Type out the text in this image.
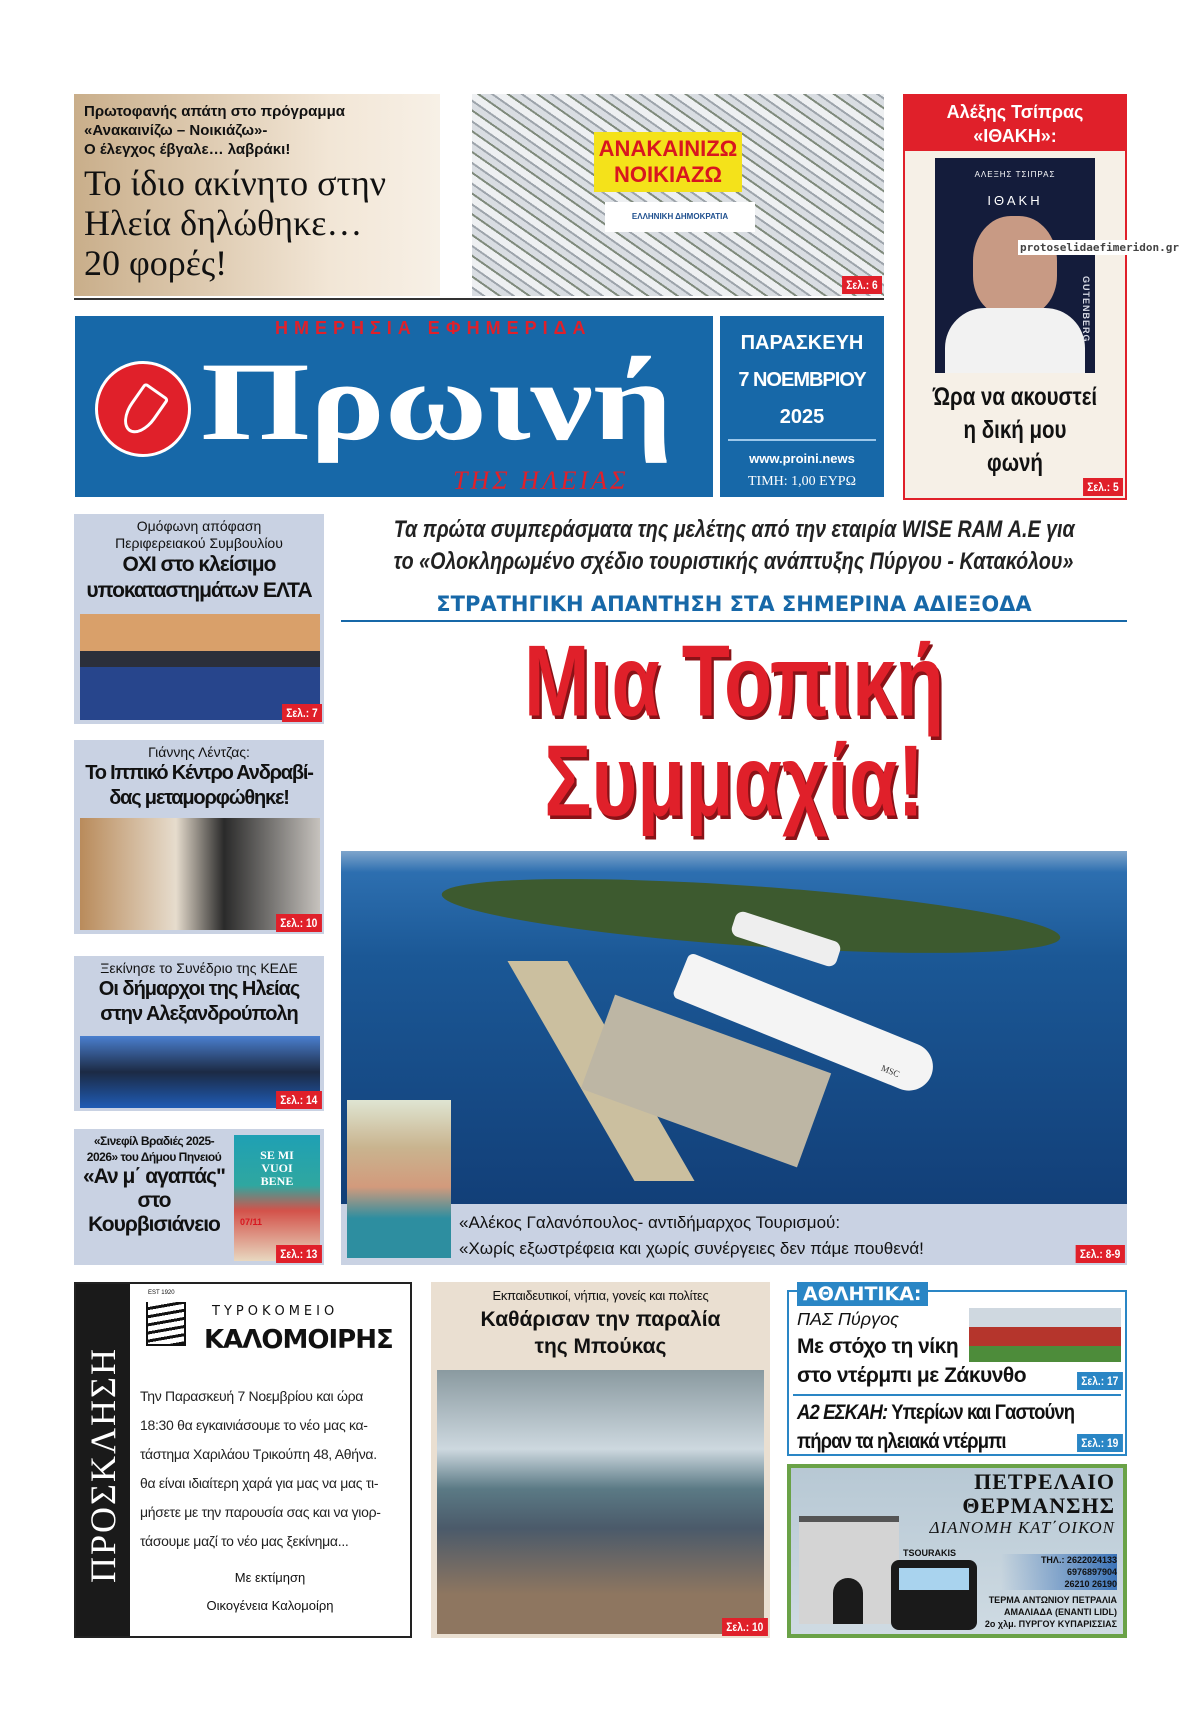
Πρωτοφανής απάτη στο πρόγραμμα
«Ανακαινίζω – Νοικιάζω»-
Ο έλεγχος έβγαλε… λαβράκι!
Το ίδιο ακίνητο στην
Ηλεία δηλώθηκε…
20 φορές!
ΑΝΑΚΑΙΝΙΖΩ
ΝΟΙΚΙΑΖΩ
ΕΛΛΗΝΙΚΗ ΔΗΜΟΚΡΑΤΙΑ
Σελ.: 6
Αλέξης Τσίπρας
«ΙΘΑΚΗ»:
ΑΛΕΞΗΣ ΤΣΙΠΡΑΣ
ΙΘΑΚΗ
GUTENBERG
Ώρα να ακουστεί
η δική μου
φωνή
Σελ.: 5
protoselidaefimeridon.gr
ΗΜΕΡΗΣΙΑ ΕΦΗΜΕΡΙΔΑ
Πρωινή
ΤΗΣ ΗΛΕΙΑΣ
ΠΑΡΑΣΚΕΥΗ
7 ΝΟΕΜΒΡΙΟΥ
2025
www.proini.news
ΤΙΜΗ: 1,00 ΕΥΡΩ
Ομόφωνη απόφαση
Περιφερειακού Συμβουλίου
ΟΧΙ στο κλείσιμο
υποκαταστημάτων ΕΛΤΑ
Σελ.: 7
Γιάννης Λέντζας:
Το Ιππικό Κέντρο Ανδραβί-
δας μεταμορφώθηκε!
Σελ.: 10
Ξεκίνησε το Συνέδριο της ΚΕΔΕ
Οι δήμαρχοι της Ηλείας
στην Αλεξανδρούπολη
Σελ.: 14
«Σινεφίλ Βραδιές 2025-
2026» του Δήμου Πηνειού
«Αν μ΄ αγαπάς"
στο
Κουρβισιάνειο
SE MI VUOI BENE
07/11
Σελ.: 13
Τα πρώτα συμπεράσματα της μελέτης από την εταιρία WISE RAM Α.Ε για
το «Ολοκληρωμένο σχέδιο τουριστικής ανάπτυξης Πύργου - Κατακόλου»
ΣΤΡΑΤΗΓΙΚΗ ΑΠΑΝΤΗΣΗ ΣΤΑ ΣΗΜΕΡΙΝΑ ΑΔΙΕΞΟΔΑ
Μια Τοπική
Συμμαχία!
MSC
«Αλέκος Γαλανόπουλος- αντιδήμαρχος Τουρισμού:
«Χωρίς εξωστρέφεια και χωρίς συνέργειες δεν πάμε πουθενά!	Σελ.: 8-9
ΠΡΟΣΚΛΗΣΗ
EST 1920
ΤΥΡΟΚΟΜΕΙΟ
ΚΑΛΟΜΟΙΡΗΣ
Την Παρασκευή 7 Νοεμβρίου και ώρα
18:30 θα εγκαινιάσουμε το νέο μας κα-
τάστημα Χαριλάου Τρικούπη 48, Αθήνα.
θα είναι ιδιαίτερη χαρά για μας να μας τι-
μήσετε με την παρουσία σας και να γιορ-
τάσουμε μαζί το νέο μας ξεκίνημα...
Με εκτίμηση
Οικογένεια Καλομοίρη
Εκπαιδευτικοί, νήπια, γονείς και πολίτες
Καθάρισαν την παραλία
της Μπούκας
Σελ.: 10
ΑΘΛΗΤΙΚΑ:
ΠΑΣ Πύργος
Με στόχο τη νίκη
στο ντέρμπι με Ζάκυνθο	Σελ.: 17
Α2 ΕΣΚΑΗ: Υπερίων και Γαστούνη
πήραν τα ηλειακά ντέρμπι	Σελ.: 19
TSOURAKIS
ΠΕΤΡΕΛΑΙΟ
ΘΕΡΜΑΝΣΗΣ
ΔΙΑΝΟΜΗ ΚΑΤ΄ΟΙΚΟΝ
ΤΗΛ.: 2622024133
6976897904
26210 26190
ΤΕΡΜΑ ΑΝΤΩΝΙΟΥ ΠΕΤΡΑΛΙΑ
ΑΜΑΛΙΑΔΑ (ΕΝΑΝΤΙ LIDL)
2ο χλμ. ΠΥΡΓΟΥ ΚΥΠΑΡΙΣΣΙΑΣ
